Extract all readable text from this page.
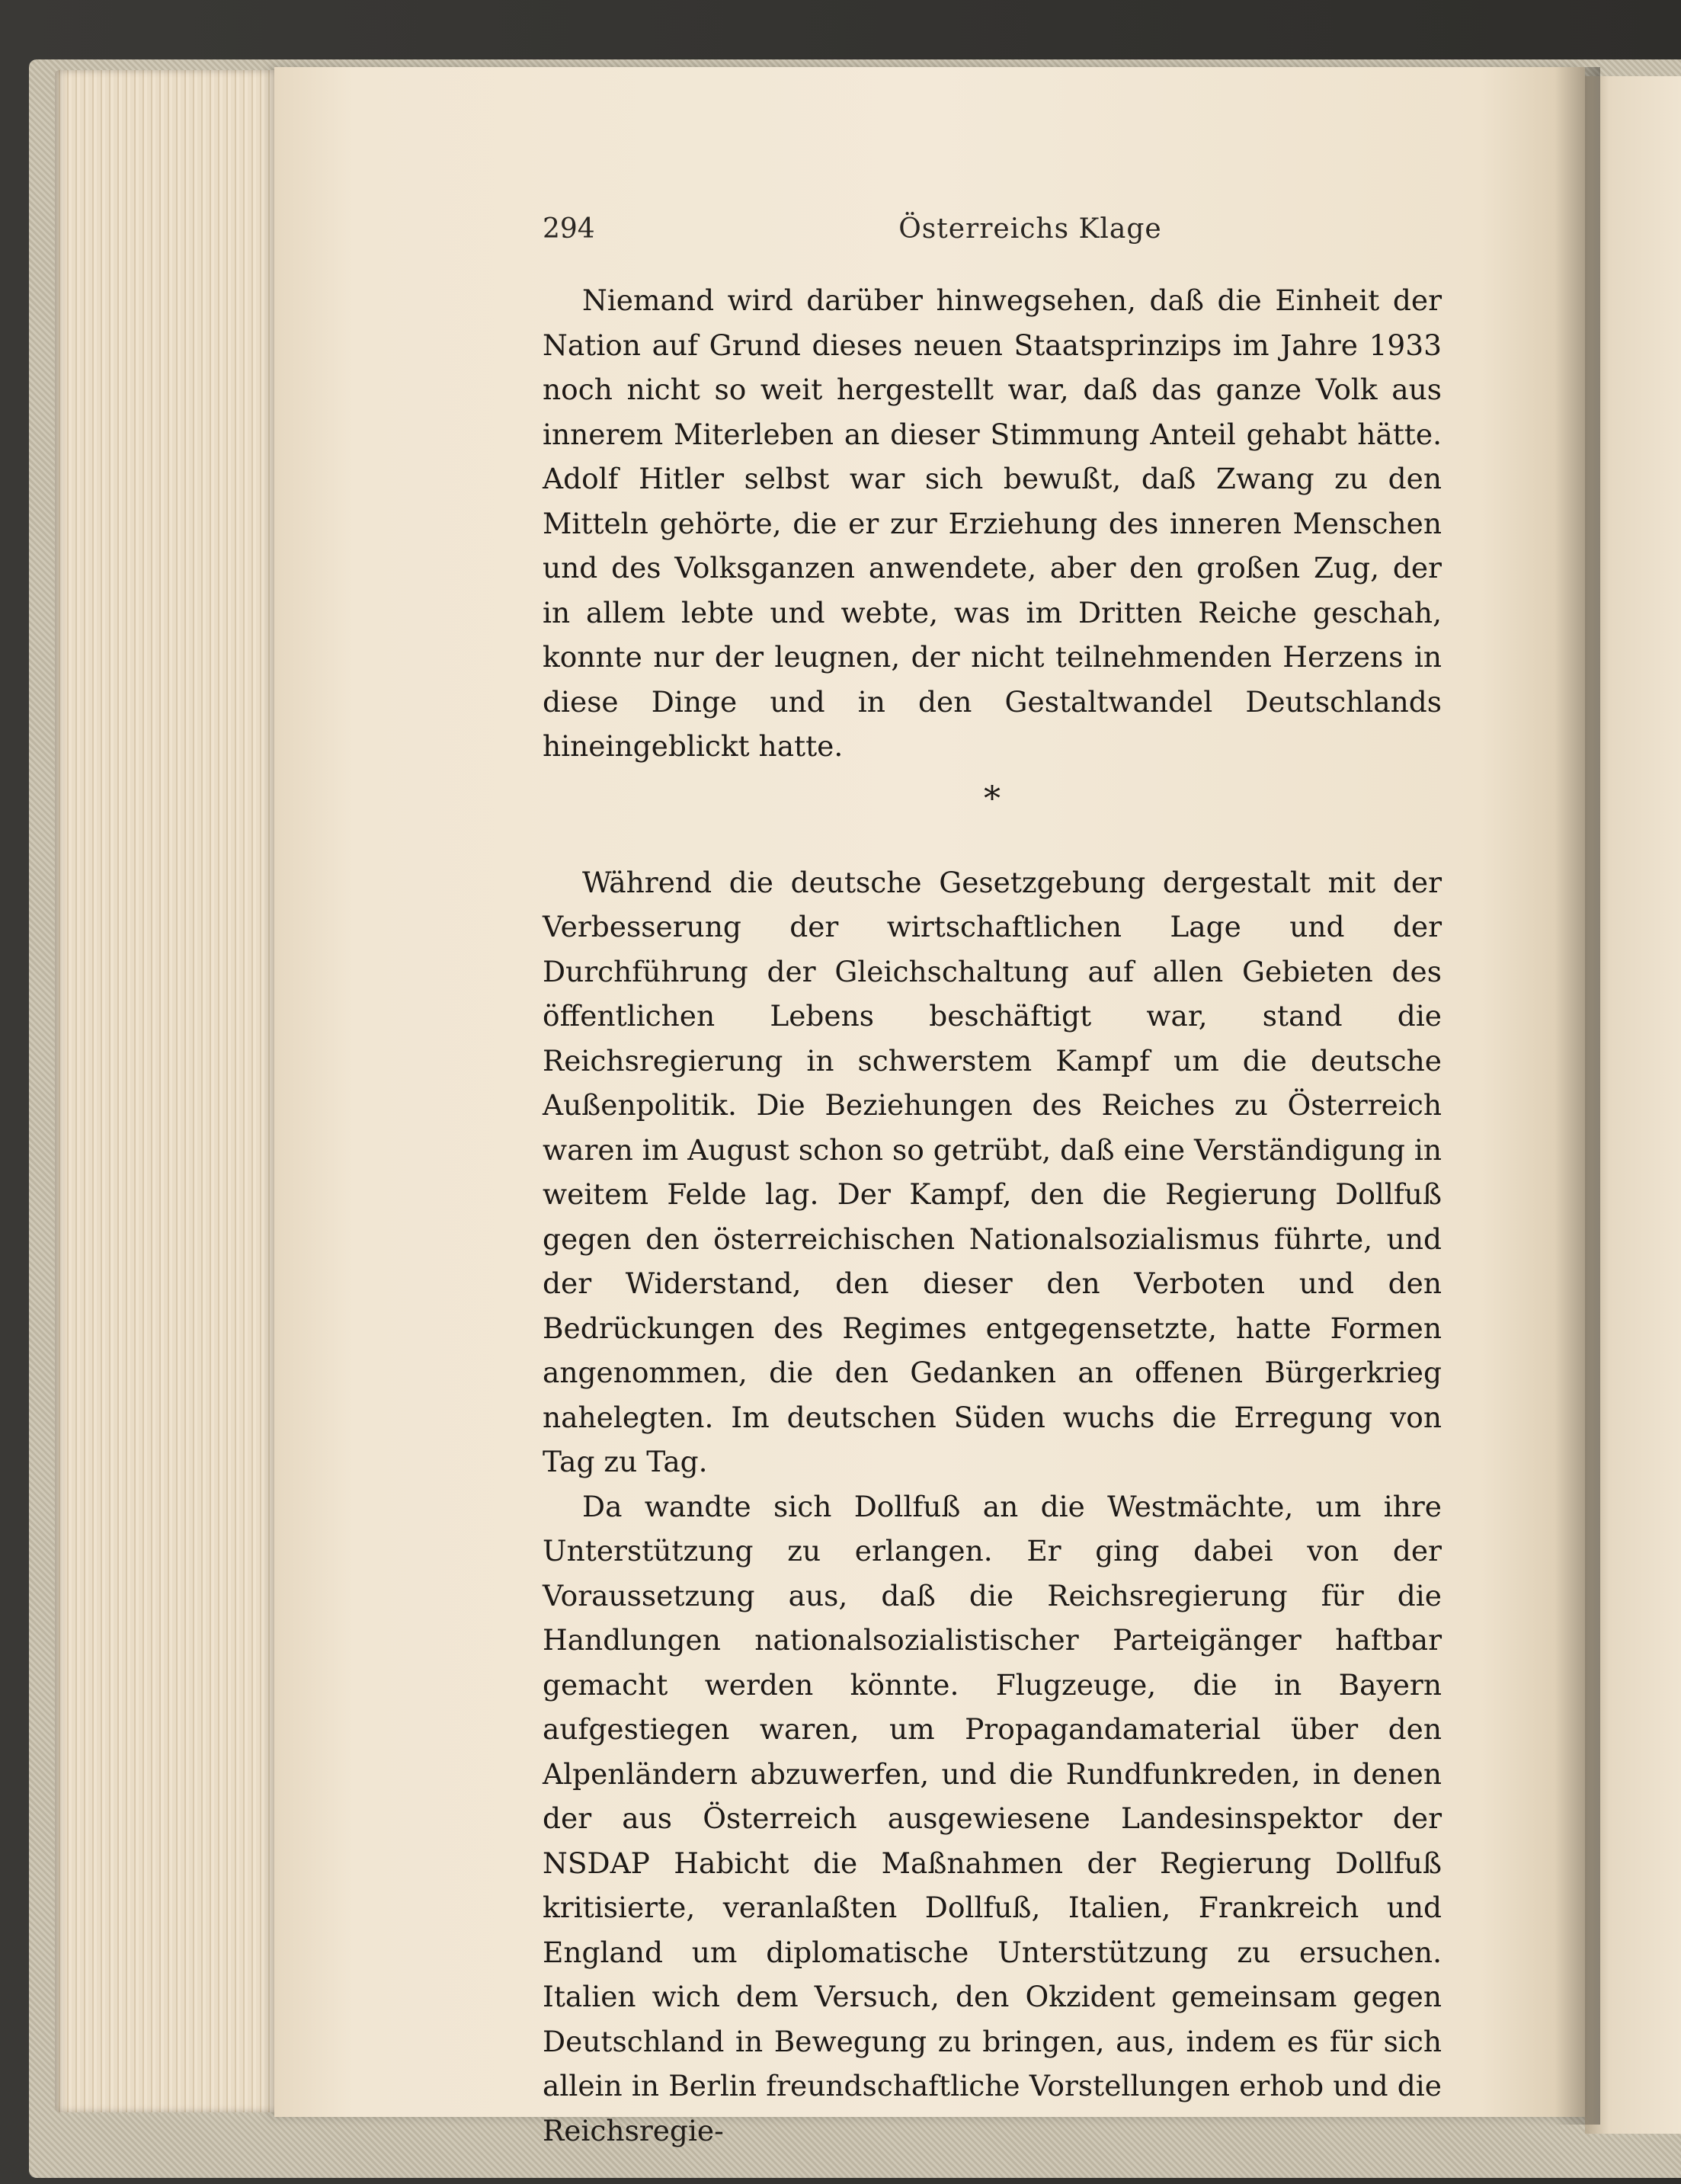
294	Österreichs Klage

Niemand wird darüber hinwegsehen, daß die Einheit der Nation auf Grund dieses neuen Staatsprinzips im Jahre 1933 noch nicht so weit hergestellt war, daß das ganze Volk aus innerem Miterleben an dieser Stimmung Anteil gehabt hätte. Adolf Hitler selbst war sich bewußt, daß Zwang zu den Mitteln gehörte, die er zur Erziehung des inneren Menschen und des Volksganzen anwendete, aber den großen Zug, der in allem lebte und webte, was im Dritten Reiche geschah, konnte nur der leugnen, der nicht teilnehmenden Herzens in diese Dinge und in den Gestaltwandel Deutschlands hineingeblickt hatte.

*

Während die deutsche Gesetzgebung dergestalt mit der Verbesserung der wirtschaftlichen Lage und der Durchführung der Gleichschaltung auf allen Gebieten des öffentlichen Lebens beschäftigt war, stand die Reichsregierung in schwerstem Kampf um die deutsche Außenpolitik. Die Beziehungen des Reiches zu Österreich waren im August schon so getrübt, daß eine Verständigung in weitem Felde lag. Der Kampf, den die Regierung Dollfuß gegen den österreichischen Nationalsozialismus führte, und der Widerstand, den dieser den Verboten und den Bedrückungen des Regimes entgegensetzte, hatte Formen angenommen, die den Gedanken an offenen Bürgerkrieg nahelegten. Im deutschen Süden wuchs die Erregung von Tag zu Tag.

Da wandte sich Dollfuß an die Westmächte, um ihre Unterstützung zu erlangen. Er ging dabei von der Voraussetzung aus, daß die Reichsregierung für die Handlungen nationalsozialistischer Parteigänger haftbar gemacht werden könnte. Flugzeuge, die in Bayern aufgestiegen waren, um Propagandamaterial über den Alpenländern abzuwerfen, und die Rundfunkreden, in denen der aus Österreich ausgewiesene Landesinspektor der NSDAP Habicht die Maßnahmen der Regierung Dollfuß kritisierte, veranlaßten Dollfuß, Italien, Frankreich und England um diplomatische Unterstützung zu ersuchen. Italien wich dem Versuch, den Okzident gemeinsam gegen Deutschland in Bewegung zu bringen, aus, indem es für sich allein in Berlin freundschaftliche Vorstellungen erhob und die Reichsregie-
